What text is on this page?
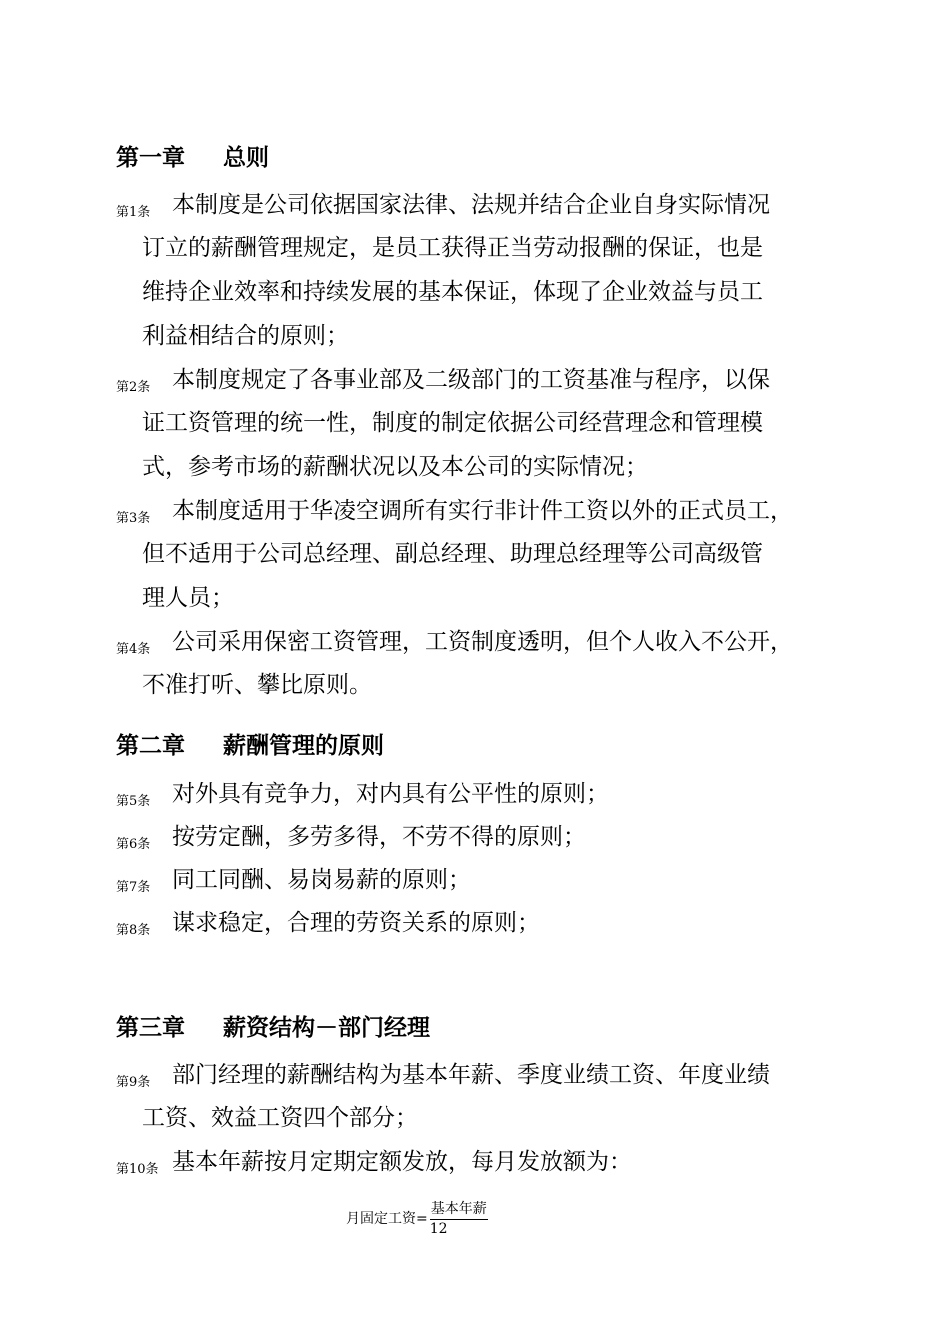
第一章 总则
第二章 薪酬管理的原则
第三章 薪资结构－部门经理
第1条 本制度是公司依据国家法律、法规并结合企业自身实际情况
订立的薪酬管理规定，是员工获得正当劳动报酬的保证，也是
维持企业效率和持续发展的基本保证，体现了企业效益与员工
利益相结合的原则；
第2条 本制度规定了各事业部及二级部门的工资基准与程序，以保
证工资管理的统一性，制度的制定依据公司经营理念和管理模
式，参考市场的薪酬状况以及本公司的实际情况；
第3条 本制度适用于华凌空调所有实行非计件工资以外的正式员工，
但不适用于公司总经理、副总经理、助理总经理等公司高级管
理人员；
第4条 公司采用保密工资管理，工资制度透明，但个人收入不公开，
不准打听、攀比原则。
第5条 对外具有竞争力，对内具有公平性的原则；
第6条 按劳定酬，多劳多得，不劳不得的原则；
第7条 同工同酬、易岗易薪的原则；
第8条 谋求稳定，合理的劳资关系的原则；
第9条 部门经理的薪酬结构为基本年薪、季度业绩工资、年度业绩
工资、效益工资四个部分；
第10条 基本年薪按月定期定额发放，每月发放额为：
月固定工资= $\frac{\text{基本年薪}}{12}$
